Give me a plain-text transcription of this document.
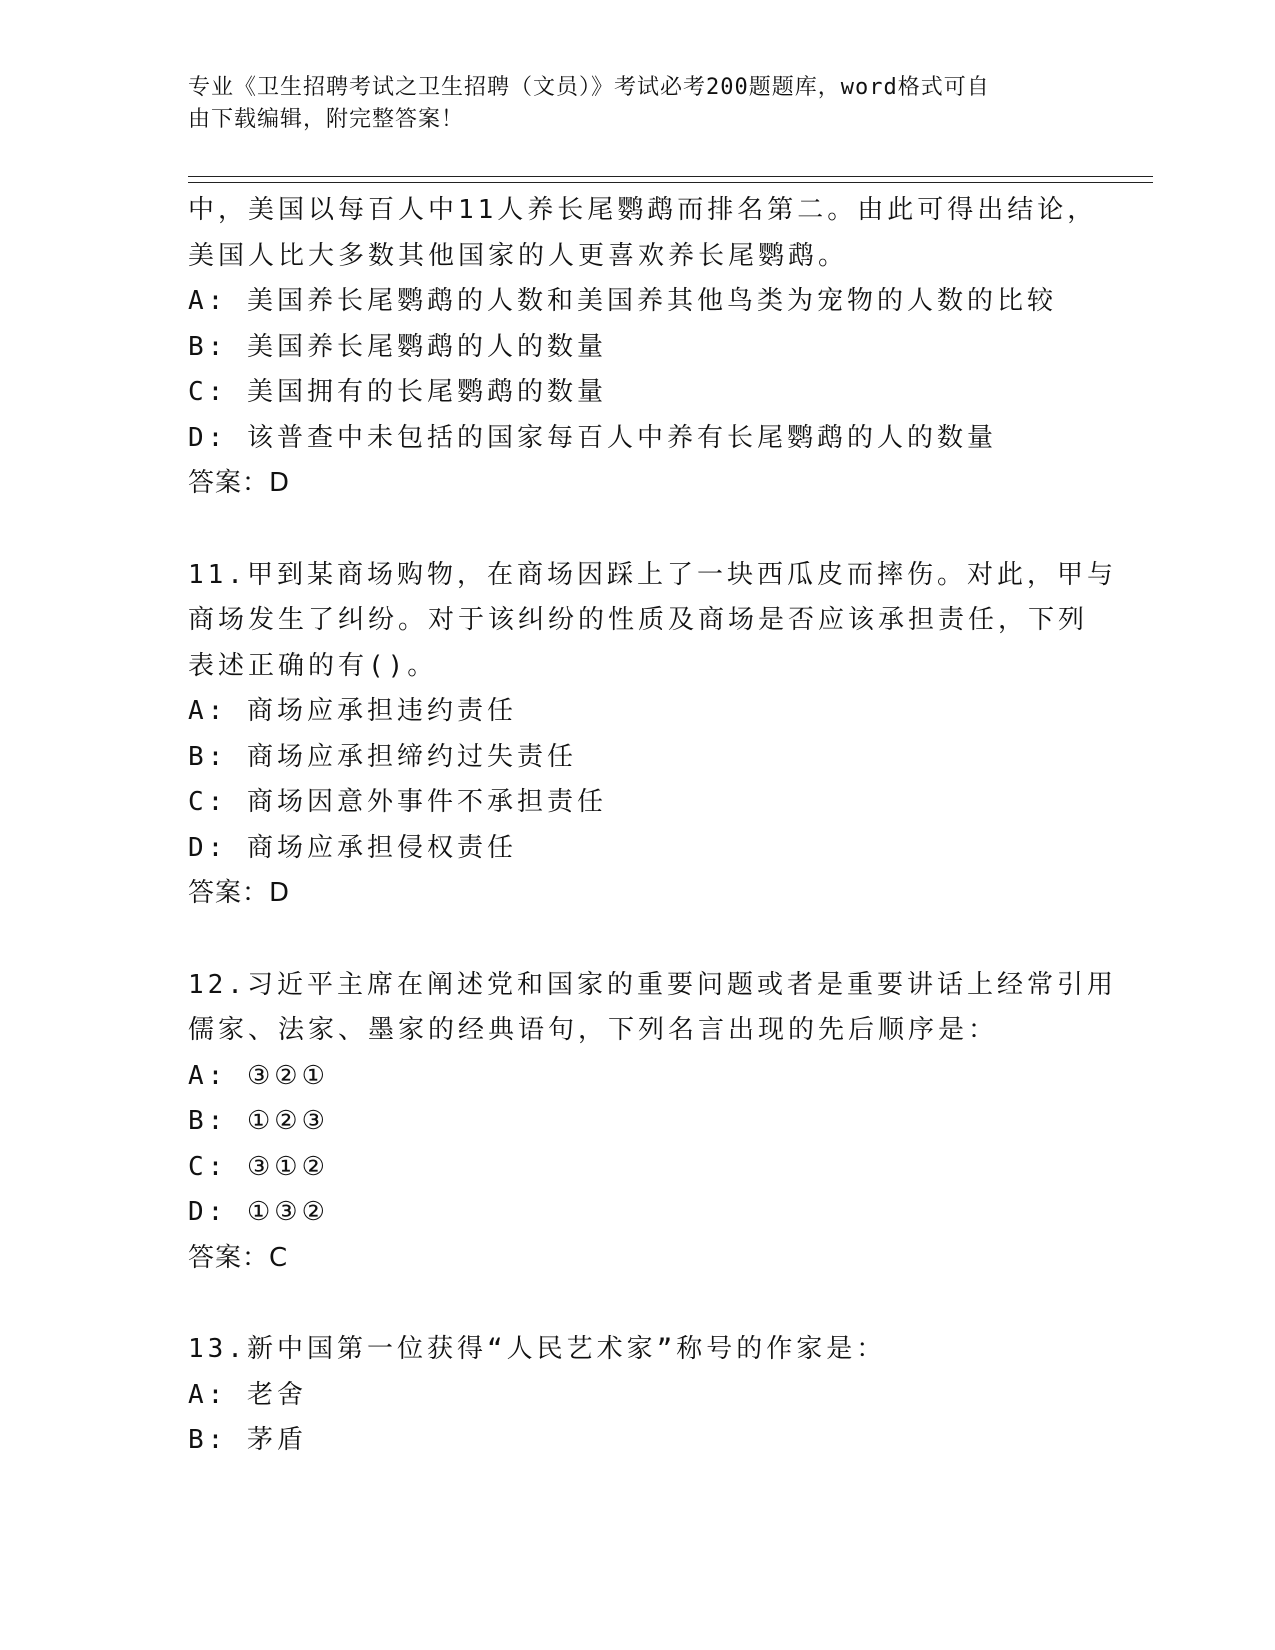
专业《卫生招聘考试之卫生招聘（文员）》考试必考200题题库，word格式可自
由下载编辑，附完整答案！
中，美国以每百人中11人养长尾鹦鹉而排名第二。由此可得出结论，
美国人比大多数其他国家的人更喜欢养长尾鹦鹉。
A: 美国养长尾鹦鹉的人数和美国养其他鸟类为宠物的人数的比较
B: 美国养长尾鹦鹉的人的数量
C: 美国拥有的长尾鹦鹉的数量
D: 该普查中未包括的国家每百人中养有长尾鹦鹉的人的数量
答案：D
11.甲到某商场购物，在商场因踩上了一块西瓜皮而摔伤。对此，甲与
商场发生了纠纷。对于该纠纷的性质及商场是否应该承担责任，下列
表述正确的有()。
A: 商场应承担违约责任
B: 商场应承担缔约过失责任
C: 商场因意外事件不承担责任
D: 商场应承担侵权责任
答案：D
12.习近平主席在阐述党和国家的重要问题或者是重要讲话上经常引用
儒家、法家、墨家的经典语句，下列名言出现的先后顺序是：
A: ③②①
B: ①②③
C: ③①②
D: ①③②
答案：C
13.新中国第一位获得“人民艺术家”称号的作家是：
A: 老舍
B: 茅盾
